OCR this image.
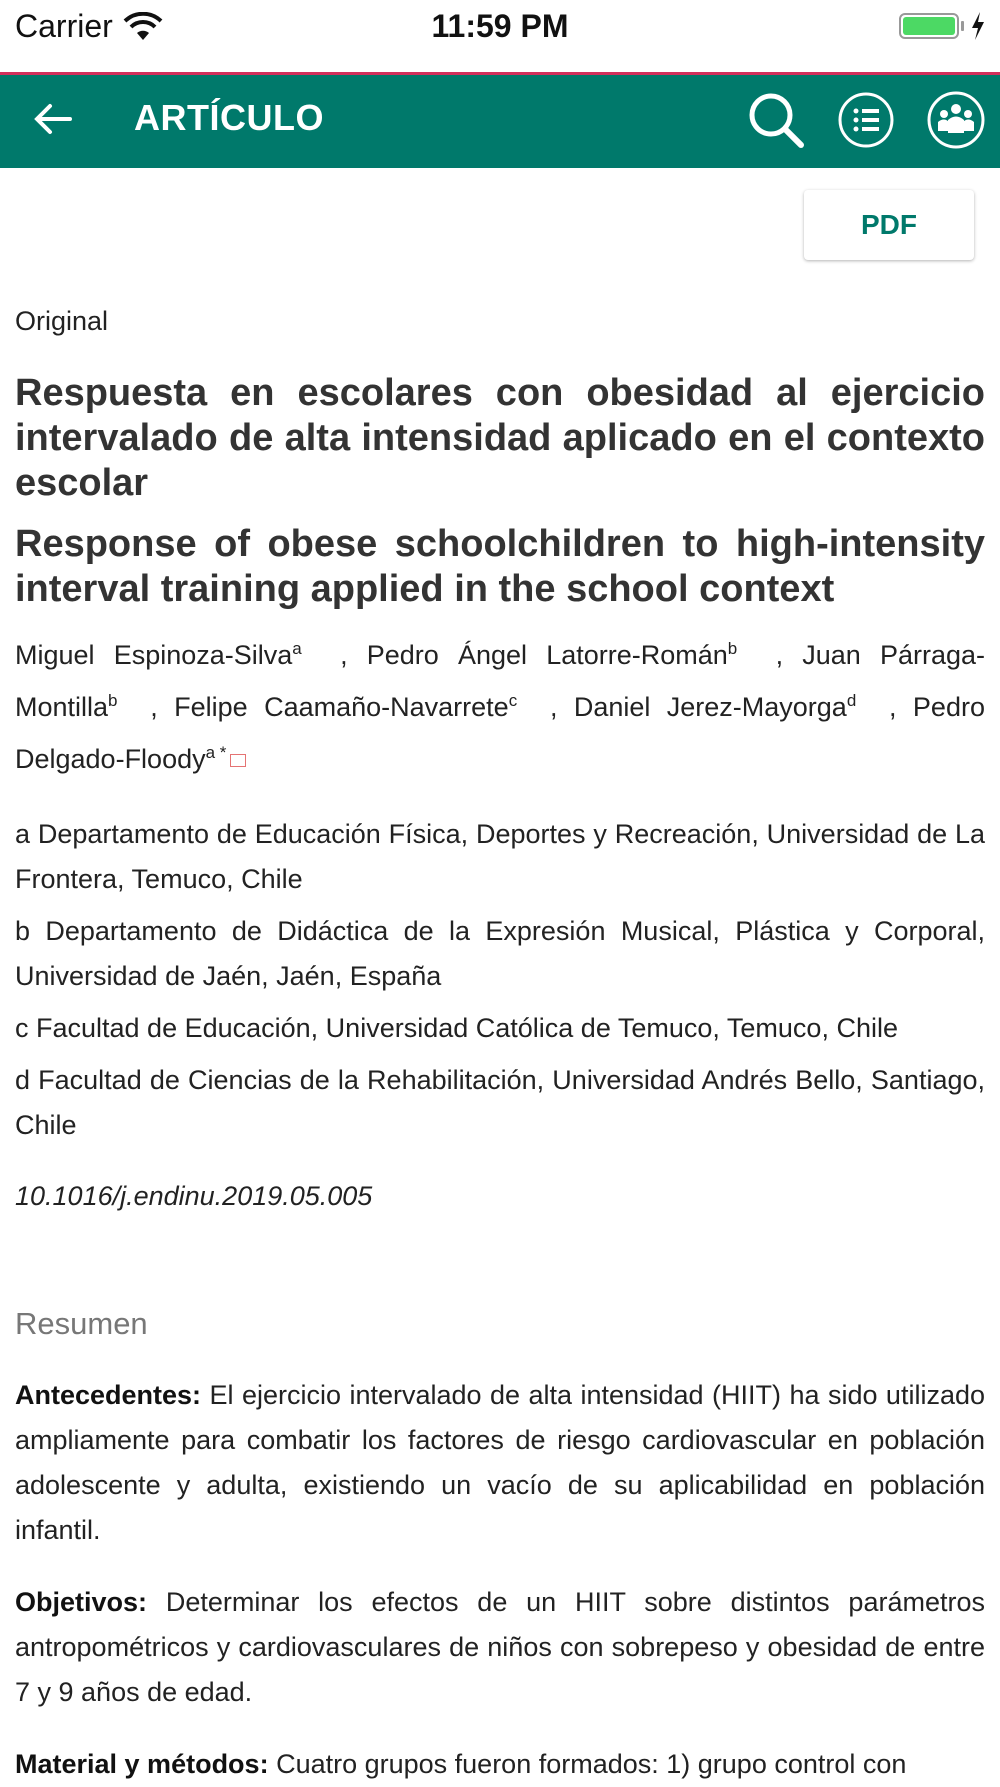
Carrier	11:59 PM
ARTÍCULO
PDF
Original
Respuesta en escolares con obesidad al ejercicio intervalado de alta intensidad aplicado en el contexto escolar
Response of obese schoolchildren to high-intensity interval training applied in the school context
Miguel Espinoza-Silva$^a$  , Pedro Ángel Latorre-Román$^b$  , Juan Párraga-Montilla$^b$  , Felipe Caamaño-Navarrete$^c$  , Daniel Jerez-Mayorga$^d$  , Pedro Delgado-Floody$^{a *}$
a Departamento de Educación Física, Deportes y Recreación, Universidad de La Frontera, Temuco, Chile
b Departamento de Didáctica de la Expresión Musical, Plástica y Corporal, Universidad de Jaén, Jaén, España
c Facultad de Educación, Universidad Católica de Temuco, Temuco, Chile
d Facultad de Ciencias de la Rehabilitación, Universidad Andrés Bello, Santiago, Chile
10.1016/j.endinu.2019.05.005
Resumen
Antecedentes: El ejercicio intervalado de alta intensidad (HIIT) ha sido utilizado ampliamente para combatir los factores de riesgo cardiovascular en población adolescente y adulta, existiendo un vacío de su aplicabilidad en población infantil.
Objetivos: Determinar los efectos de un HIIT sobre distintos parámetros antropométricos y cardiovasculares de niños con sobrepeso y obesidad de entre 7 y 9 años de edad.
Material y métodos: Cuatro grupos fueron formados: 1) grupo control con
